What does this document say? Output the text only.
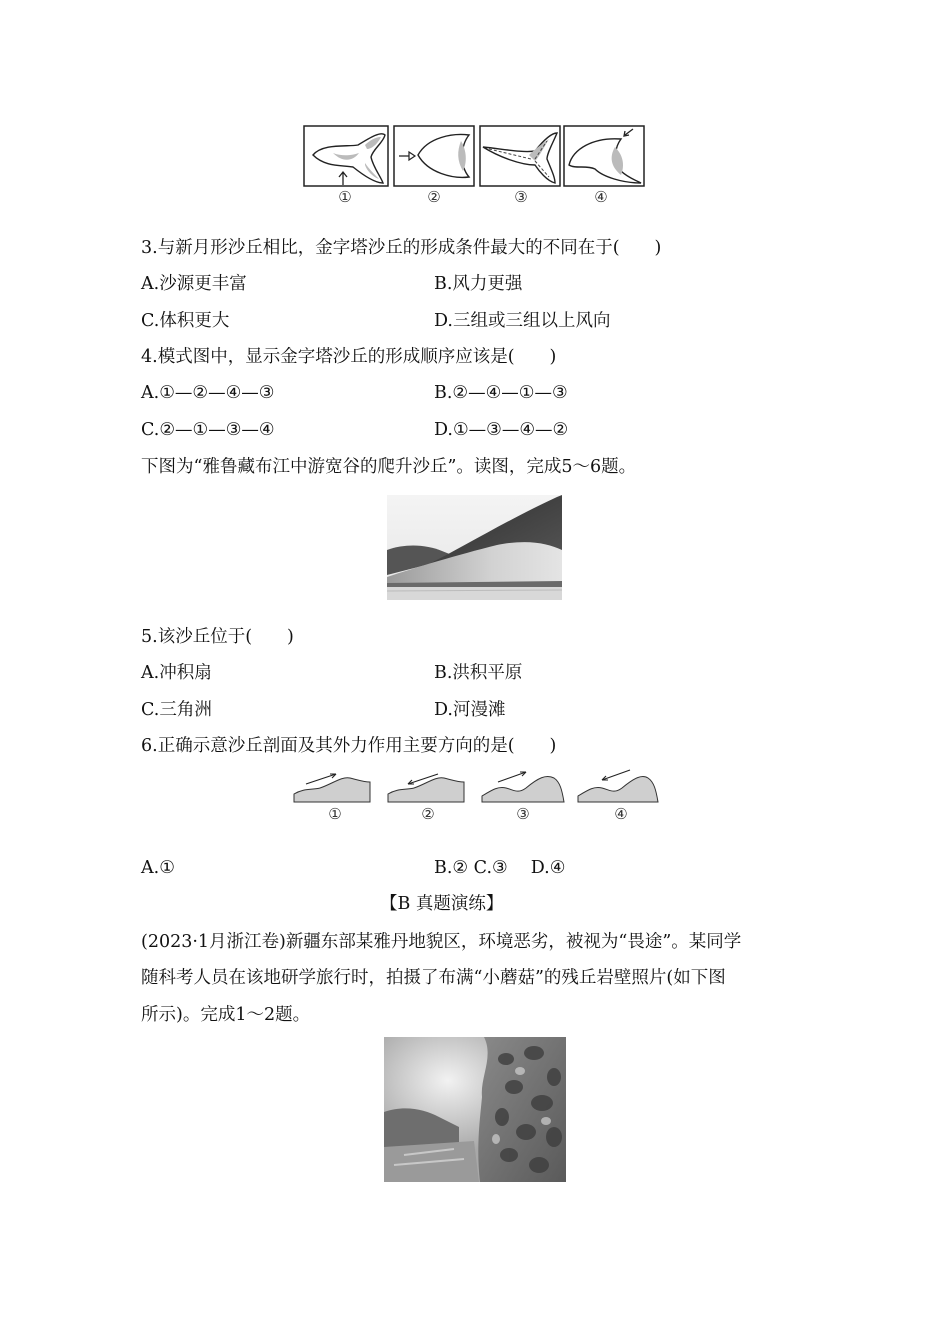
①	②	③	④
3.与新月形沙丘相比，金字塔沙丘的形成条件最大的不同在于(　　)
A.沙源更丰富	B.风力更强
C.体积更大	D.三组或三组以上风向
4.模式图中，显示金字塔沙丘的形成顺序应该是(　　)
A.①—②—④—③	B.②—④—①—③
C.②—①—③—④	D.①—③—④—②
下图为“雅鲁藏布江中游宽谷的爬升沙丘”。读图，完成5～6题。
5.该沙丘位于(　　)
A.冲积扇	B.洪积平原
C.三角洲	D.河漫滩
6.正确示意沙丘剖面及其外力作用主要方向的是(　　)
①	②	③	④
A.①	B.② C.③　 D.④
【B 真题演练】
(2023·1月浙江卷)新疆东部某雅丹地貌区，环境恶劣，被视为“畏途”。某同学
随科考人员在该地研学旅行时，拍摄了布满“小蘑菇”的残丘岩壁照片(如下图
所示)。完成1～2题。
